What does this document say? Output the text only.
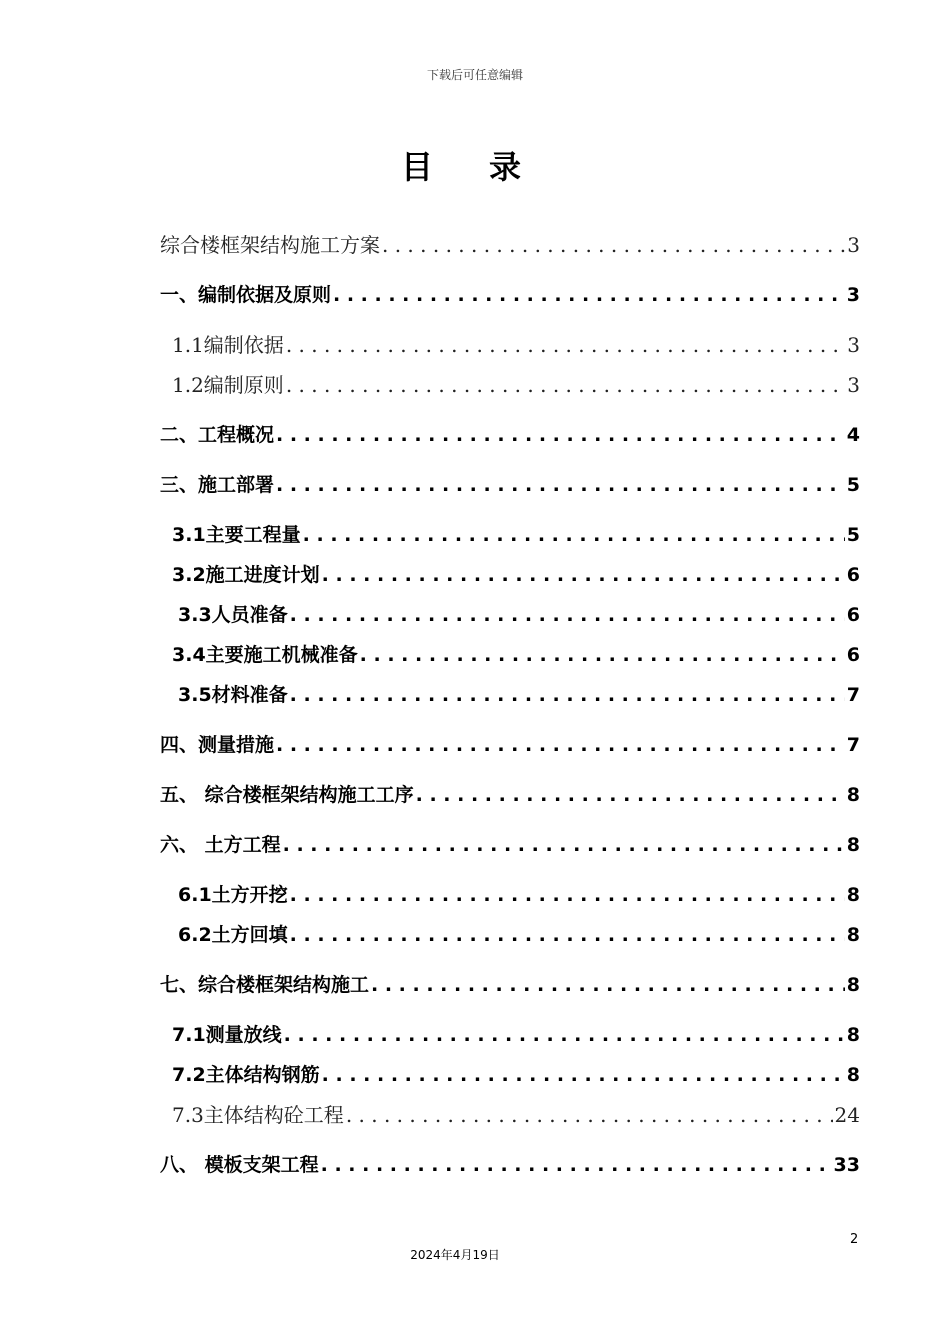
下载后可任意编辑
目录
综合楼框架结构施工方案 . . .	3
一、编制依据及原则 . . .	3
1.1编制依据 . . .	3
1.2编制原则 . . .	3
二、工程概况 . . .	4
三、施工部署 . . .	5
3.1主要工程量 . . .	5
3.2施工进度计划 . . .	6
3.3人员准备 . . .	6
3.4主要施工机械准备 . . .	6
3.5材料准备 . . .	7
四、测量措施 . . .	7
五、 综合楼框架结构施工工序 . . .	8
六、 土方工程 . . .	8
6.1土方开挖 . . .	8
6.2土方回填 . . .	8
七、综合楼框架结构施工 . . .	8
7.1测量放线 . . .	8
7.2主体结构钢筋 . . .	8
7.3主体结构砼工程 . . .	24
八、 模板支架工程 . . .	33
2
2024年4月19日
